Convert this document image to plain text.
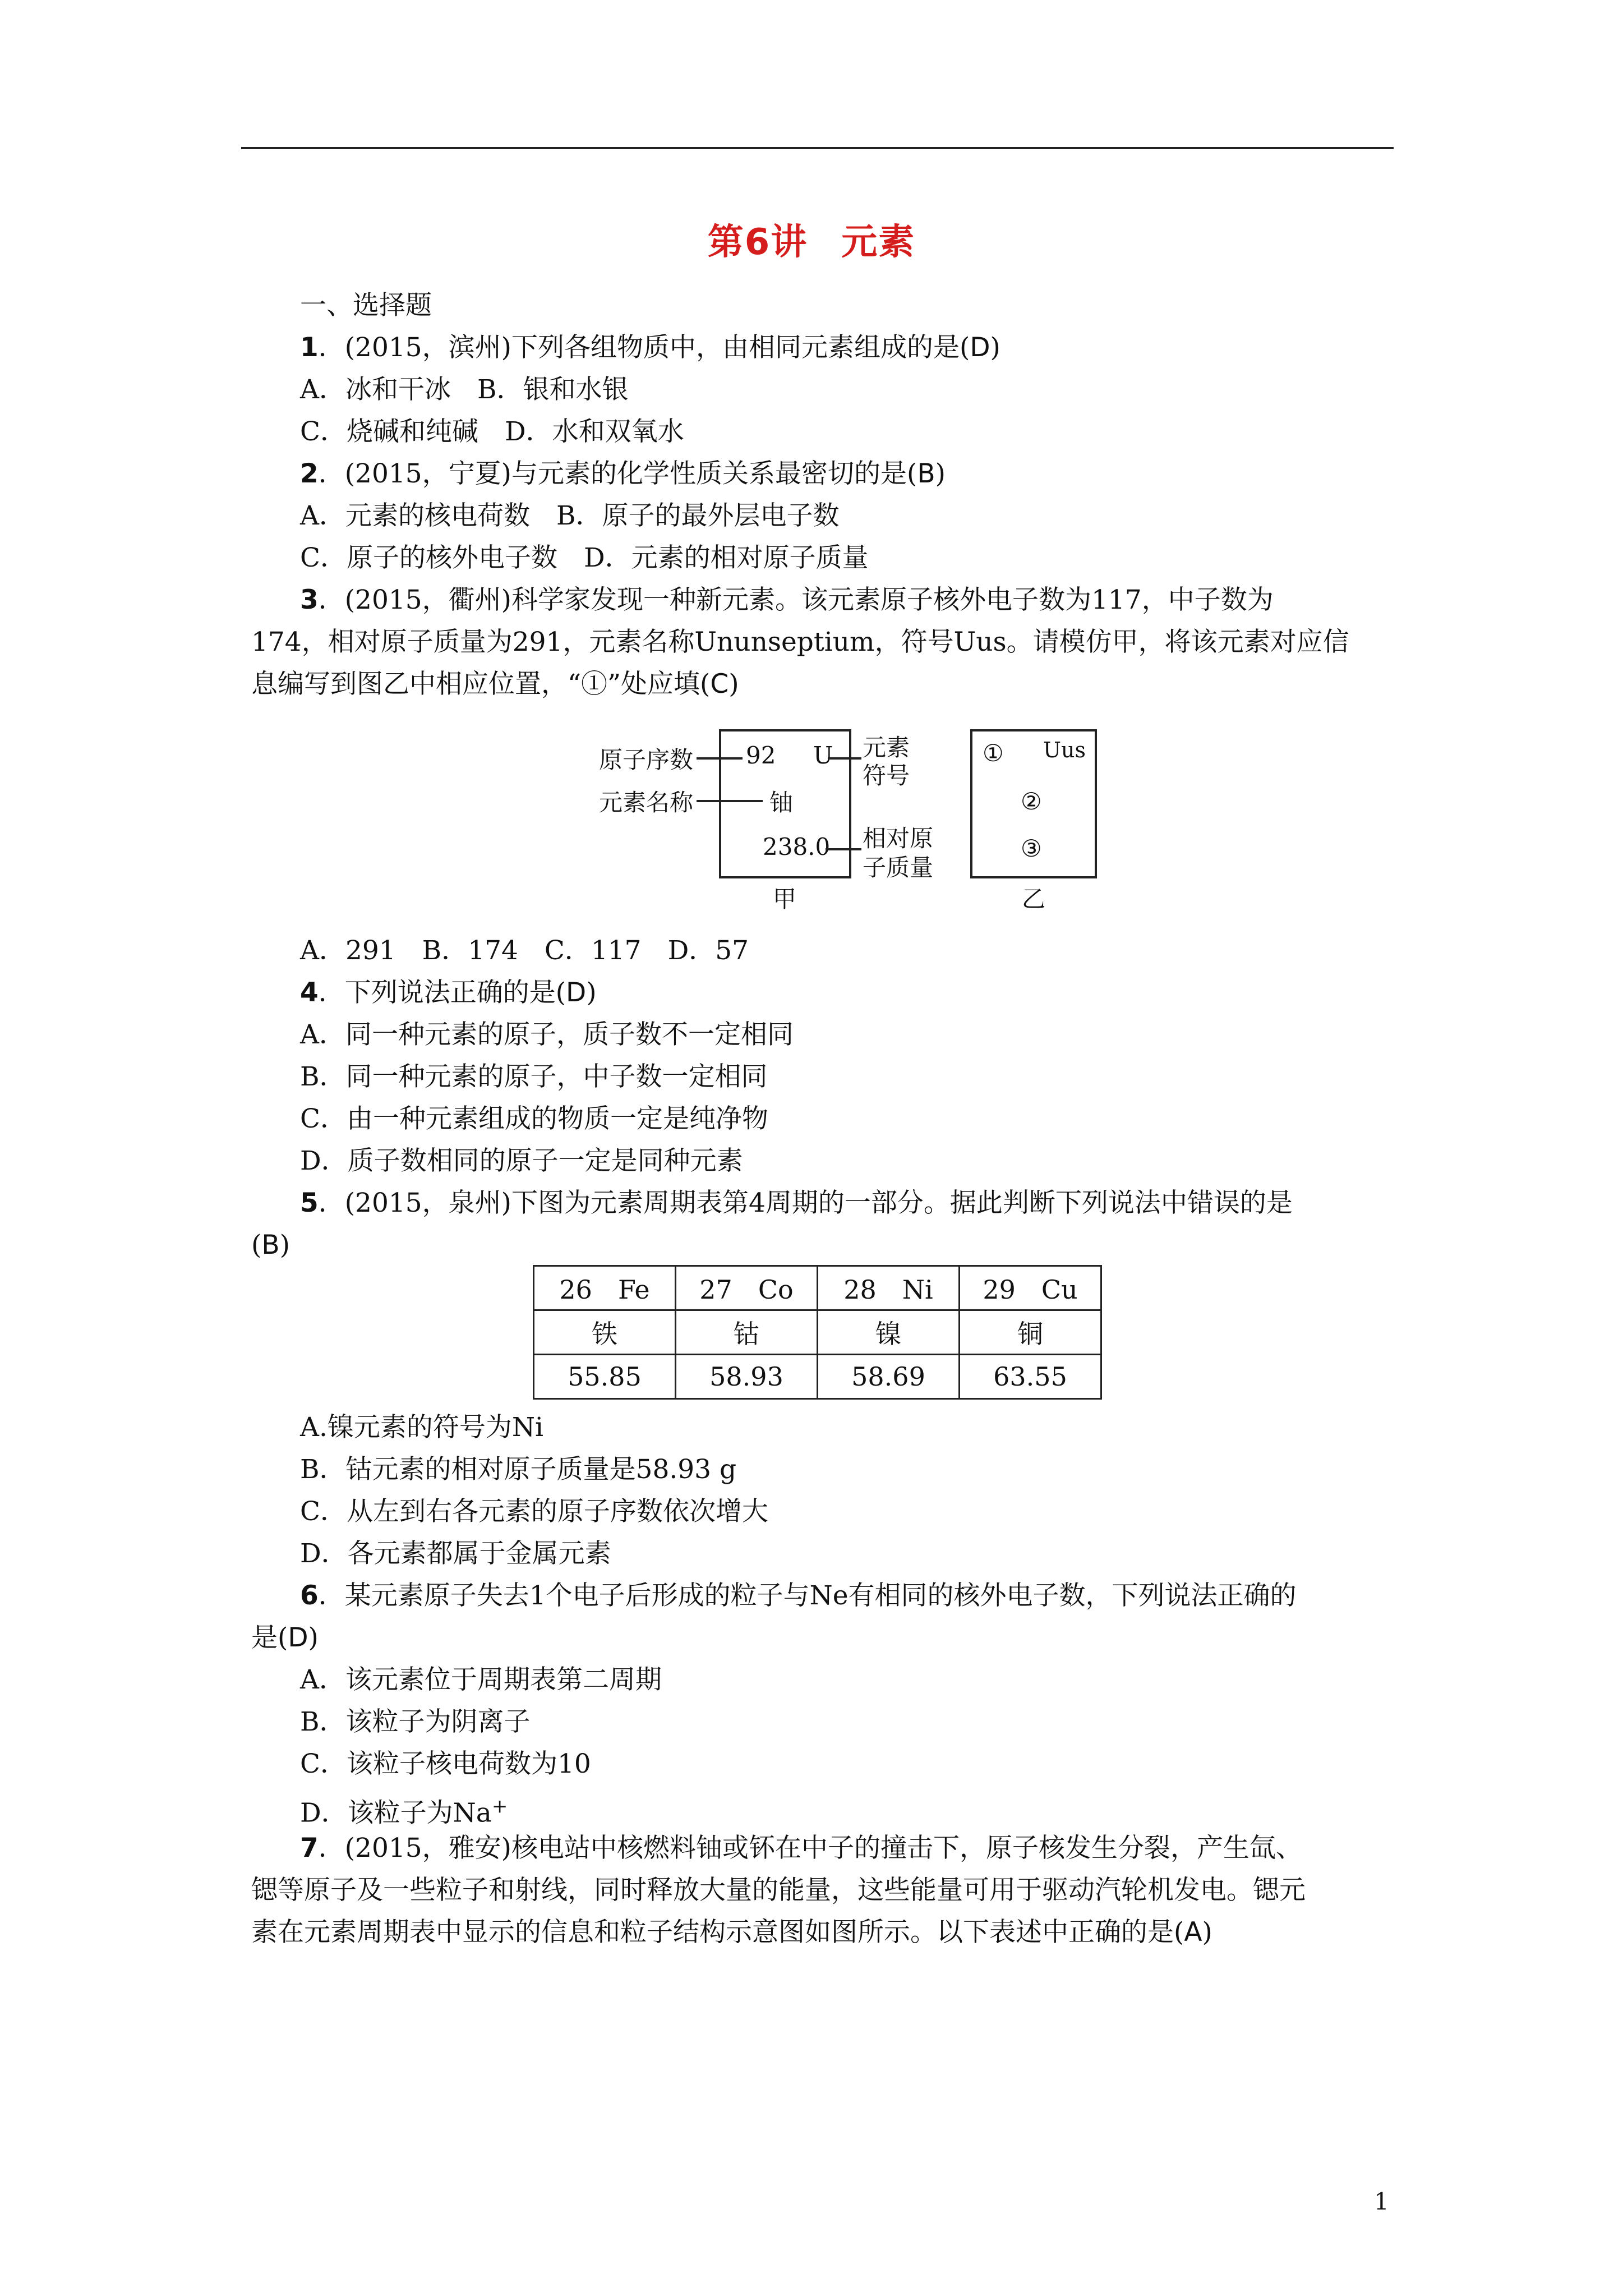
第6讲 元素
一、选择题
1．(2015，滨州)下列各组物质中，由相同元素组成的是(D)
A．冰和干冰　B．银和水银
C．烧碱和纯碱　D．水和双氧水
2．(2015，宁夏)与元素的化学性质关系最密切的是(B)
A．元素的核电荷数　B．原子的最外层电子数
C．原子的核外电子数　D．元素的相对原子质量
3．(2015，衢州)科学家发现一种新元素。该元素原子核外电子数为117，中子数为
174，相对原子质量为291，元素名称Ununseptium，符号Uus。请模仿甲，将该元素对应信
息编写到图乙中相应位置，“①”处应填(C)
92 U
铀
238.0
甲
原子序数
元素名称
元素
符号
相对原
子质量
① Uus
②
③
乙
A．291　B．174　C．117　D．57
4．下列说法正确的是(D)
A．同一种元素的原子，质子数不一定相同
B．同一种元素的原子，中子数一定相同
C．由一种元素组成的物质一定是纯净物
D．质子数相同的原子一定是同种元素
5．(2015，泉州)下图为元素周期表第4周期的一部分。据此判断下列说法中错误的是
(B)
26　Fe	27　Co	28　Ni	29　Cu
铁	钴	镍	铜
55.85	58.93	58.69	63.55
A.镍元素的符号为Ni
B．钴元素的相对原子质量是58.93 g
C．从左到右各元素的原子序数依次增大
D．各元素都属于金属元素
6．某元素原子失去1个电子后形成的粒子与Ne有相同的核外电子数，下列说法正确的
是(D)
A．该元素位于周期表第二周期
B．该粒子为阴离子
C．该粒子核电荷数为10
D．该粒子为Na+
7．(2015，雅安)核电站中核燃料铀或钚在中子的撞击下，原子核发生分裂，产生氙、
锶等原子及一些粒子和射线，同时释放大量的能量，这些能量可用于驱动汽轮机发电。锶元
素在元素周期表中显示的信息和粒子结构示意图如图所示。以下表述中正确的是(A)
1
